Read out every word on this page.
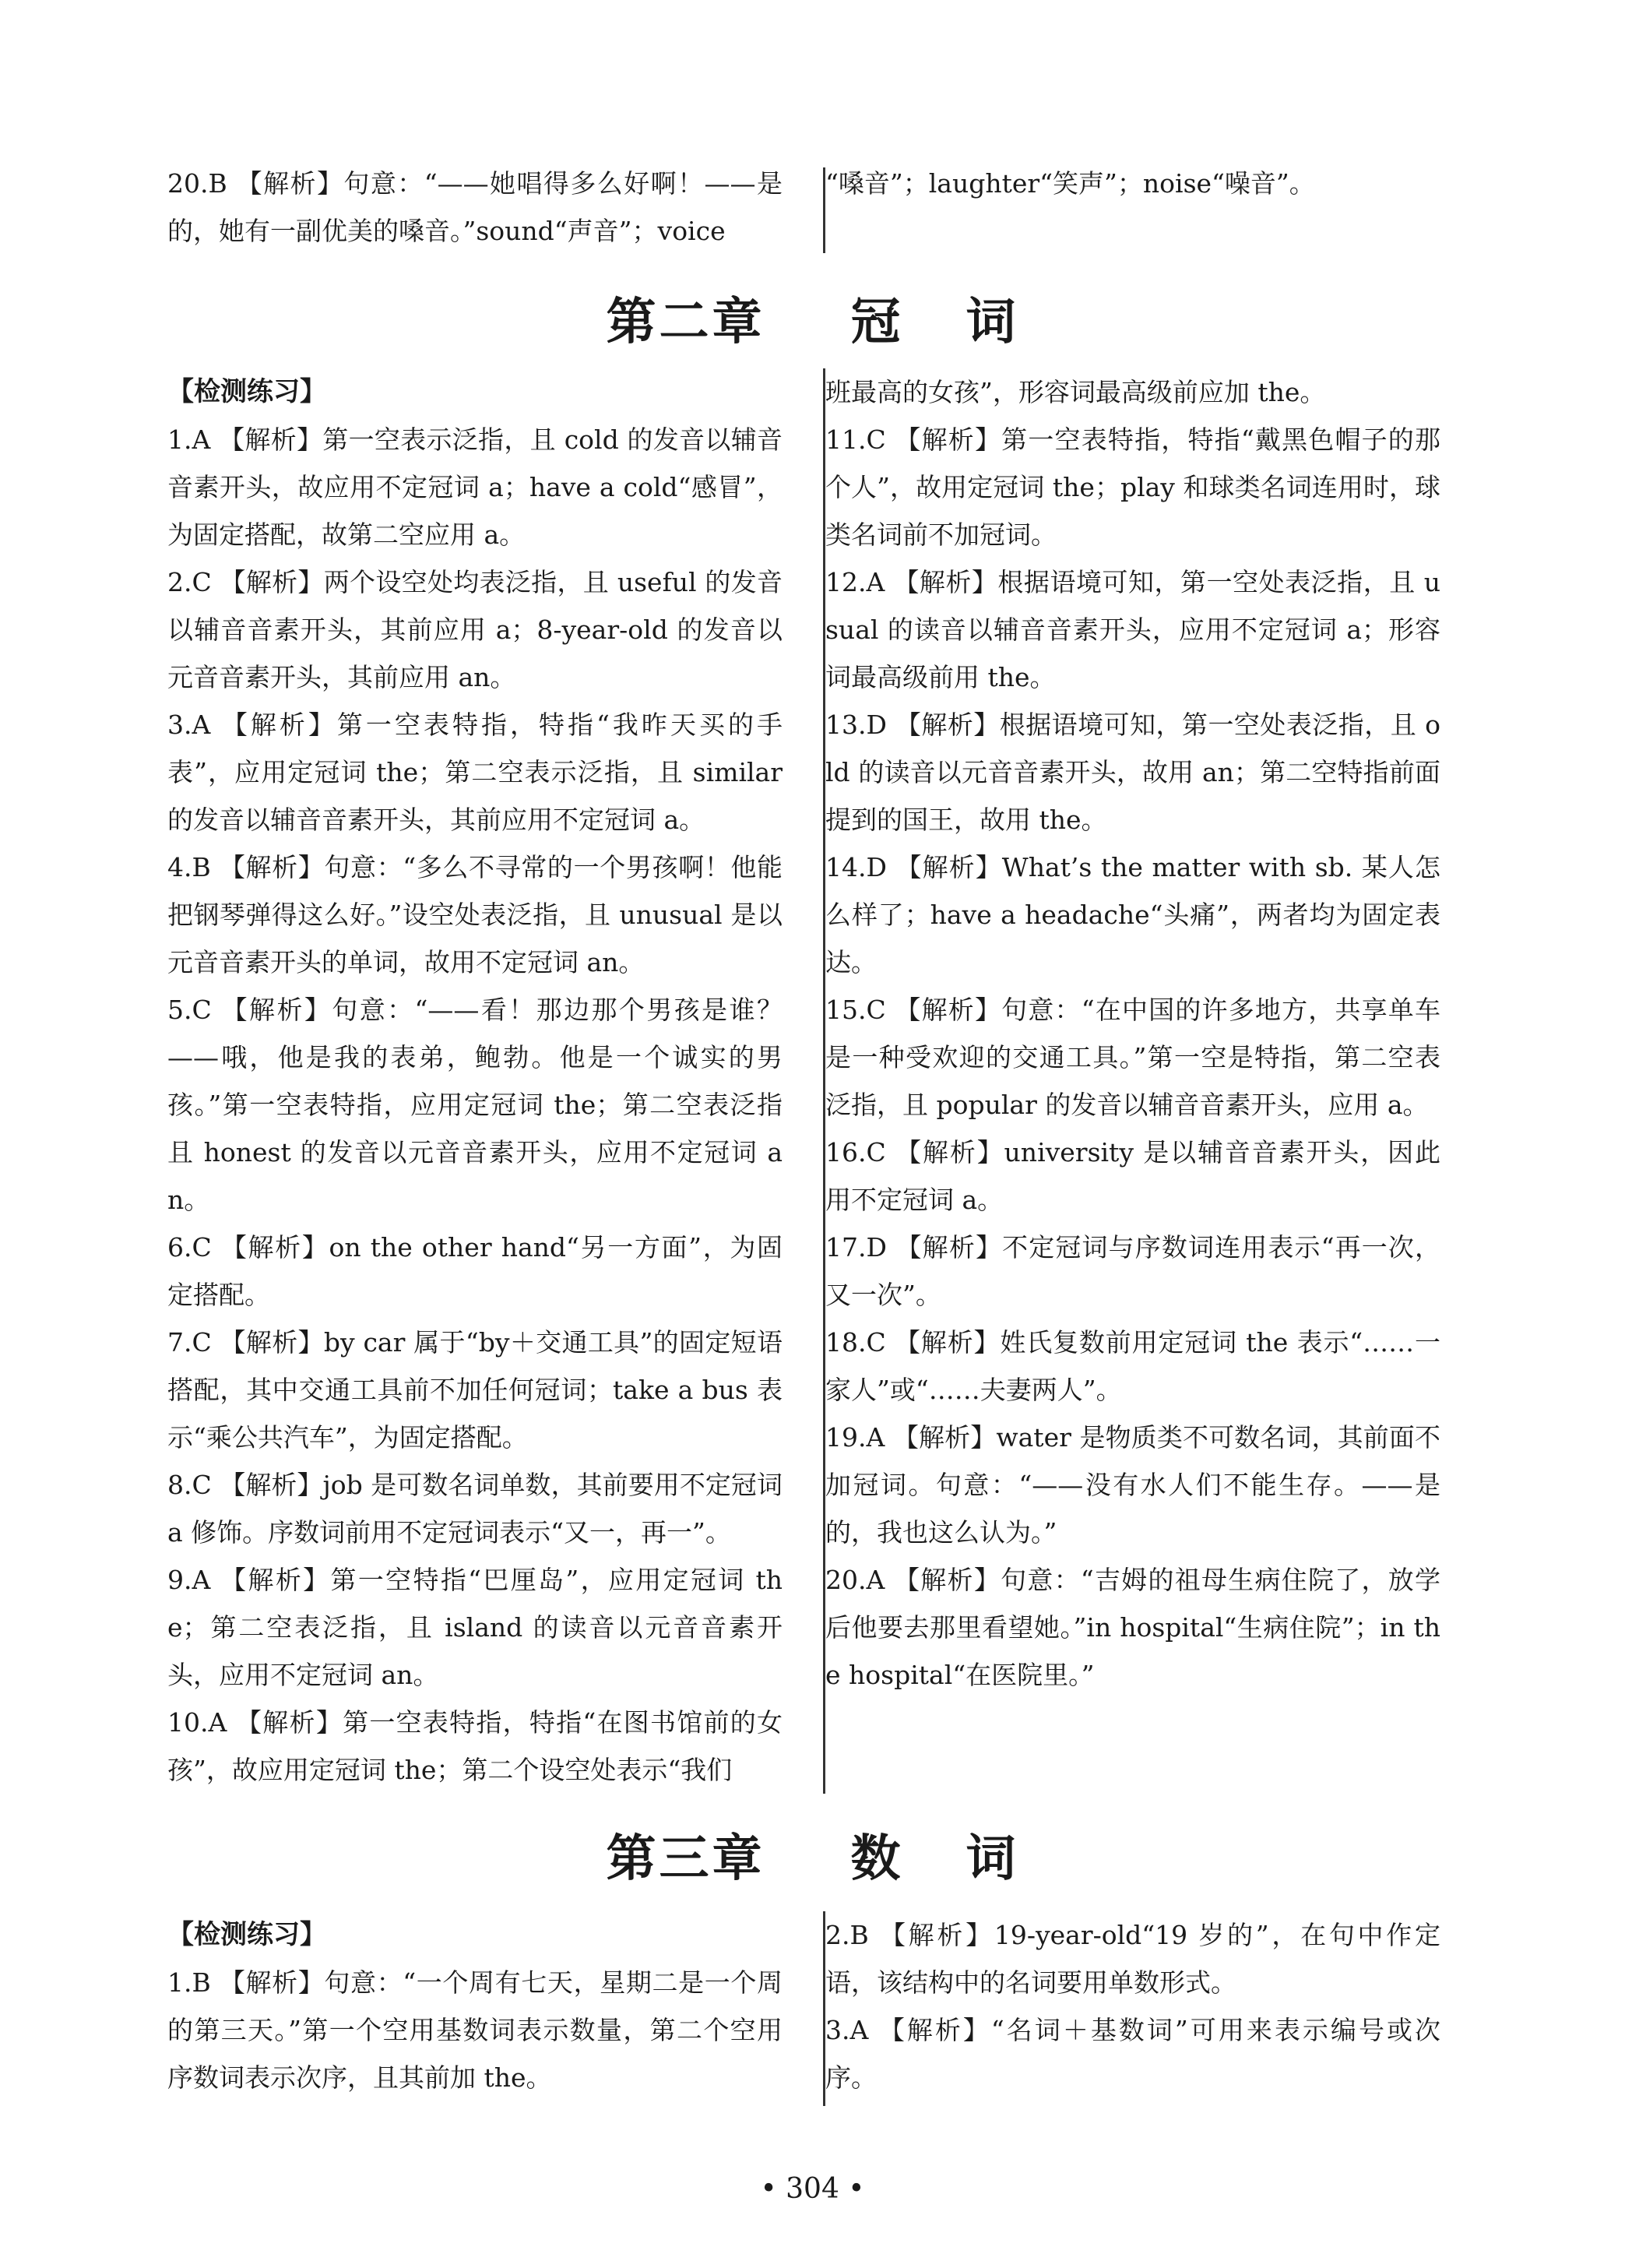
20.B 【解析】句意：“——她唱得多么好啊！——是的，她有一副优美的嗓音。”sound“声音”；voice

“嗓音”；laughter“笑声”；noise“噪音”。

第二章 冠 词

【检测练习】

1.A 【解析】第一空表示泛指，且 cold 的发音以辅音音素开头，故应用不定冠词 a；have a cold“感冒”，为固定搭配，故第二空应用 a。

2.C 【解析】两个设空处均表泛指，且 useful 的发音以辅音音素开头，其前应用 a；8-year-old 的发音以元音音素开头，其前应用 an。

3.A 【解析】第一空表特指，特指“我昨天买的手表”，应用定冠词 the；第二空表示泛指，且 similar 的发音以辅音音素开头，其前应用不定冠词 a。

4.B 【解析】句意：“多么不寻常的一个男孩啊！他能把钢琴弹得这么好。”设空处表泛指，且 unusual 是以元音音素开头的单词，故用不定冠词 an。

5.C 【解析】句意：“——看！那边那个男孩是谁？——哦，他是我的表弟，鲍勃。他是一个诚实的男孩。”第一空表特指，应用定冠词 the；第二空表泛指且 honest 的发音以元音音素开头，应用不定冠词 an。

6.C 【解析】on the other hand“另一方面”，为固定搭配。

7.C 【解析】by car 属于“by＋交通工具”的固定短语搭配，其中交通工具前不加任何冠词；take a bus 表示“乘公共汽车”，为固定搭配。

8.C 【解析】job 是可数名词单数，其前要用不定冠词 a 修饰。序数词前用不定冠词表示“又一，再一”。

9.A 【解析】第一空特指“巴厘岛”，应用定冠词 the；第二空表泛指，且 island 的读音以元音音素开头，应用不定冠词 an。

10.A 【解析】第一空表特指，特指“在图书馆前的女孩”，故应用定冠词 the；第二个设空处表示“我们

班最高的女孩”，形容词最高级前应加 the。

11.C 【解析】第一空表特指，特指“戴黑色帽子的那个人”，故用定冠词 the；play 和球类名词连用时，球类名词前不加冠词。

12.A 【解析】根据语境可知，第一空处表泛指，且 usual 的读音以辅音音素开头，应用不定冠词 a；形容词最高级前用 the。

13.D 【解析】根据语境可知，第一空处表泛指，且 old 的读音以元音音素开头，故用 an；第二空特指前面提到的国王，故用 the。

14.D 【解析】What’s the matter with sb. 某人怎么样了；have a headache“头痛”，两者均为固定表达。

15.C 【解析】句意：“在中国的许多地方，共享单车是一种受欢迎的交通工具。”第一空是特指，第二空表泛指，且 popular 的发音以辅音音素开头，应用 a。

16.C 【解析】university 是以辅音音素开头，因此用不定冠词 a。

17.D 【解析】不定冠词与序数词连用表示“再一次，又一次”。

18.C 【解析】姓氏复数前用定冠词 the 表示“……一家人”或“……夫妻两人”。

19.A 【解析】water 是物质类不可数名词，其前面不加冠词。句意：“——没有水人们不能生存。——是的，我也这么认为。”

20.A 【解析】句意：“吉姆的祖母生病住院了，放学后他要去那里看望她。”in hospital“生病住院”；in the hospital“在医院里。”

第三章 数 词

【检测练习】

1.B 【解析】句意：“一个周有七天，星期二是一个周的第三天。”第一个空用基数词表示数量，第二个空用序数词表示次序，且其前加 the。

2.B 【解析】19-year-old“19 岁的”，在句中作定语，该结构中的名词要用单数形式。

3.A 【解析】“名词＋基数词”可用来表示编号或次序。

• 304 •
